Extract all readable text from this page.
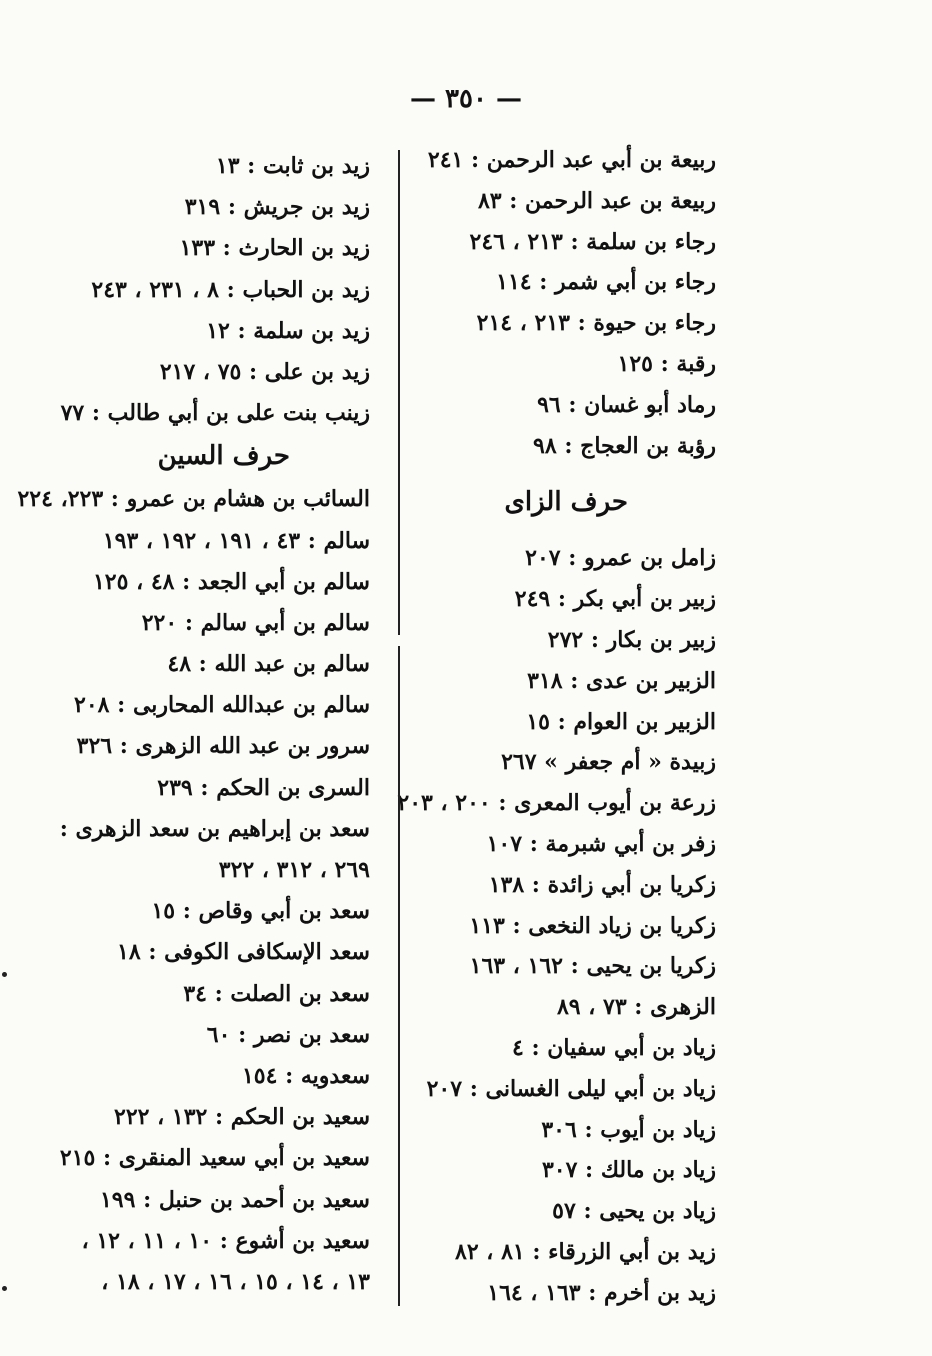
— ٣٥٠ —
ربيعة بن أبي عبد الرحمن : ٢٤١
ربيعة بن عبد الرحمن : ٨٣
رجاء بن سلمة : ٢١٣ ، ٢٤٦
رجاء بن أبي شمر : ١١٤
رجاء بن حيوة : ٢١٣ ، ٢١٤
رقبة : ١٢٥
رماد أبو غسان : ٩٦
رؤبة بن العجاج : ٩٨
حرف الزاى
زامل بن عمرو : ٢٠٧
زبير بن أبي بكر : ٢٤٩
زبير بن بكار : ٢٧٢
الزبير بن عدى : ٣١٨
الزبير بن العوام : ١٥
زبيدة « أم جعفر » ٢٦٧
زرعة بن أيوب المعرى : ٢٠٠ ، ٢٠٣
زفر بن أبي شبرمة : ١٠٧
زكريا بن أبي زائدة : ١٣٨
زكريا بن زياد النخعى : ١١٣
زكريا بن يحيى : ١٦٢ ، ١٦٣
الزهرى : ٧٣ ، ٨٩
زياد بن أبي سفيان : ٤
زياد بن أبي ليلى الغسانى : ٢٠٧
زياد بن أيوب : ٣٠٦
زياد بن مالك : ٣٠٧
زياد بن يحيى : ٥٧
زيد بن أبي الزرقاء : ٨١ ، ٨٢
زيد بن أخرم : ١٦٣ ، ١٦٤
زيد بن ثابت : ١٣
زيد بن جريش : ٣١٩
زيد بن الحارث : ١٣٣
زيد بن الحباب : ٨ ، ٢٣١ ، ٢٤٣
زيد بن سلمة : ١٢
زيد بن على : ٧٥ ، ٢١٧
زينب بنت على بن أبي طالب : ٧٧
حرف السين
السائب بن هشام بن عمرو : ٢٢٣، ٢٢٤
سالم : ٤٣ ، ١٩١ ، ١٩٢ ، ١٩٣
سالم بن أبي الجعد : ٤٨ ، ١٢٥
سالم بن أبي سالم : ٢٢٠
سالم بن عبد الله : ٤٨
سالم بن عبدالله المحاربى : ٢٠٨
سرور بن عبد الله الزهرى : ٣٢٦
السرى بن الحكم : ٢٣٩
سعد بن إبراهيم بن سعد الزهرى :
٢٦٩ ، ٣١٢ ، ٣٢٢
سعد بن أبي وقاص : ١٥
سعد الإسكافى الكوفى : ١٨
سعد بن الصلت : ٣٤
سعد بن نصر : ٦٠
سعدويه : ١٥٤
سعيد بن الحكم : ١٣٢ ، ٢٢٢
سعيد بن أبي سعيد المنقرى : ٢١٥
سعيد بن أحمد بن حنبل : ١٩٩
سعيد بن أشوع : ١٠ ، ١١ ، ١٢ ،
١٣ ، ١٤ ، ١٥ ، ١٦ ، ١٧ ، ١٨ ،
